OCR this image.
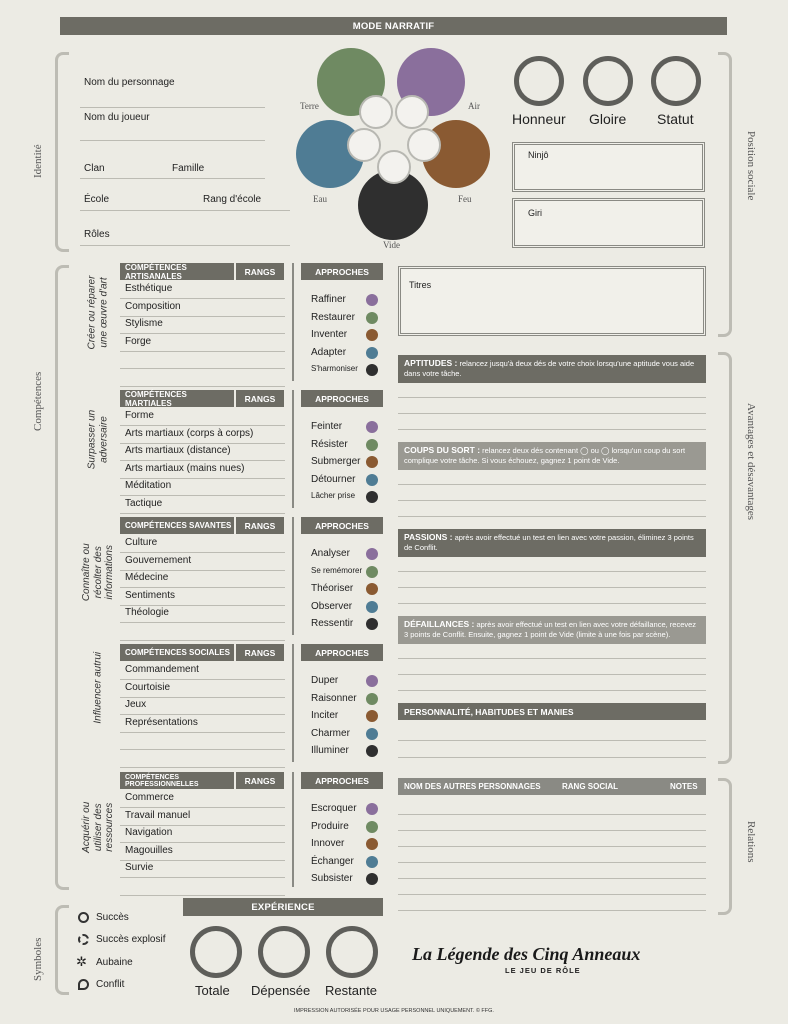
MODE NARRATIF
Identité
Compétences
Symboles
Position sociale
Avantages et désavantages
Relations
Nom du personnage
Nom du joueur
Clan	Famille
École	Rang d'école
Rôles
Terre	Air
Eau	Feu
Vide
Honneur Gloire Statut
Ninjô
Giri
Titres
Créer ou réparer une œuvre d'art
COMPÉTENCES ARTISANALES	RANGS	APPROCHES
Esthétique
Composition
Stylisme
Forge
Raffiner
Restaurer
Inventer
Adapter
S'harmoniser
Surpasser un adversaire
COMPÉTENCES MARTIALES	RANGS	APPROCHES
Forme
Arts martiaux (corps à corps)
Arts martiaux (distance)
Arts martiaux (mains nues)
Méditation
Tactique
Feinter
Résister
Submerger
Détourner
Lâcher prise
Connaître ou récolter des informations
COMPÉTENCES SAVANTES	RANGS	APPROCHES
Culture
Gouvernement
Médecine
Sentiments
Théologie
Analyser
Se remémorer
Théoriser
Observer
Ressentir
Influencer autrui	COMPÉTENCES SOCIALES	RANGS	APPROCHES
Commandement
Courtoisie
Jeux
Représentations
Duper
Raisonner
Inciter
Charmer
Illuminer
Acquérir ou utiliser des ressources
COMPÉTENCES PROFESSIONNELLES	RANGS	APPROCHES
Commerce
Travail manuel
Navigation
Magouilles
Survie
Escroquer
Produire
Innover
Échanger
Subsister
APTITUDES : relancez jusqu'à deux dés de votre choix lorsqu'une aptitude vous aide dans votre tâche.
COUPS DU SORT : relancez deux dés contenant ◯ ou ◯ lorsqu'un coup du sort complique votre tâche. Si vous échouez, gagnez 1 point de Vide.
PASSIONS : après avoir effectué un test en lien avec votre passion, éliminez 3 points de Conflit.
DÉFAILLANCES : après avoir effectué un test en lien avec votre défaillance, recevez 3 points de Conflit. Ensuite, gagnez 1 point de Vide (limite à une fois par scène).
PERSONNALITÉ, HABITUDES ET MANIES
NOM DES AUTRES PERSONNAGES	RANG SOCIAL	NOTES
Succès
Succès explosif
✲ Aubaine
Conflit
EXPÉRIENCE
Totale Dépensée Restante
La Légende des Cinq Anneaux
LE JEU DE RÔLE
IMPRESSION AUTORISÉE POUR USAGE PERSONNEL UNIQUEMENT. © FFG.
